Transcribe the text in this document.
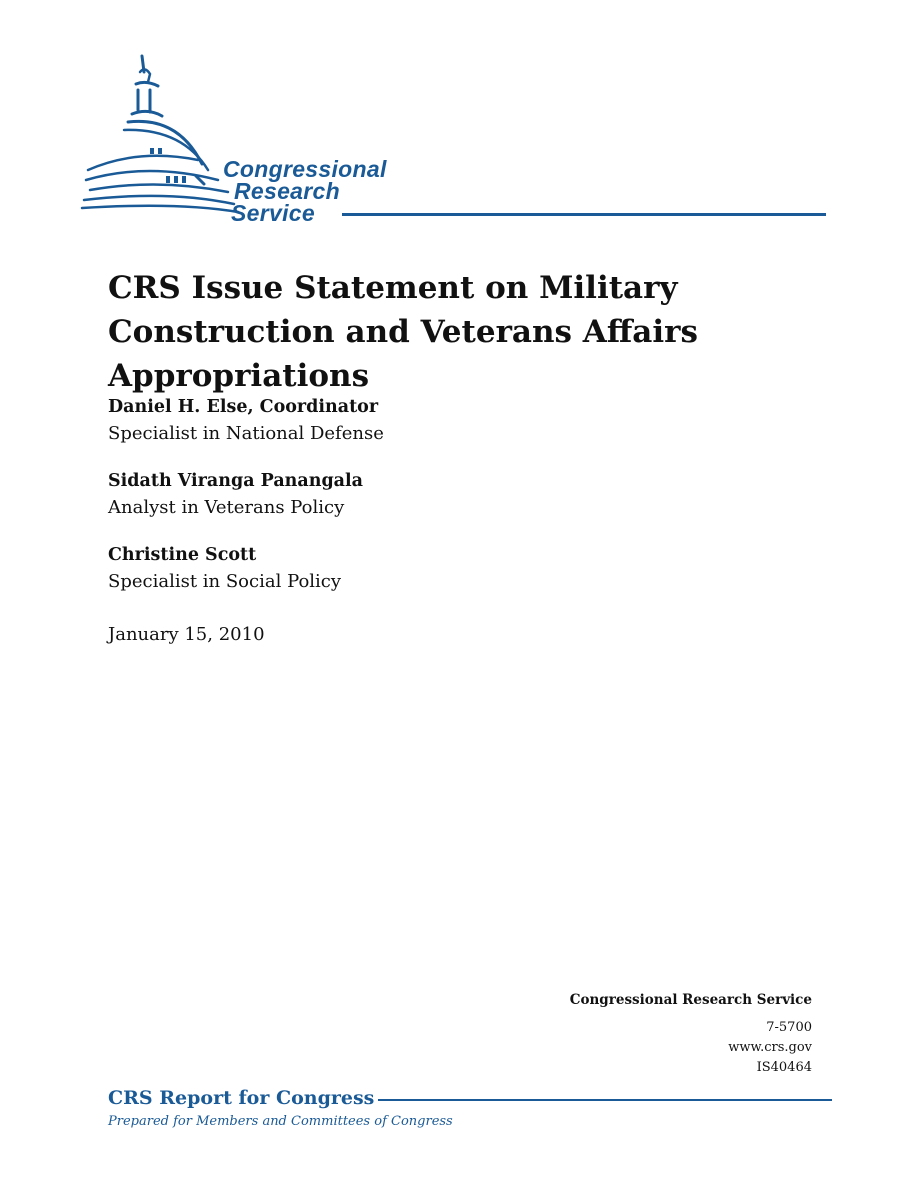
Congressional
Research
Service
CRS Issue Statement on Military Construction and Veterans Affairs Appropriations
Daniel H. Else, Coordinator
Specialist in National Defense
Sidath Viranga Panangala
Analyst in Veterans Policy
Christine Scott
Specialist in Social Policy
January 15, 2010
Congressional Research Service
7-5700
www.crs.gov
IS40464
CRS Report for Congress
Prepared for Members and Committees of Congress
